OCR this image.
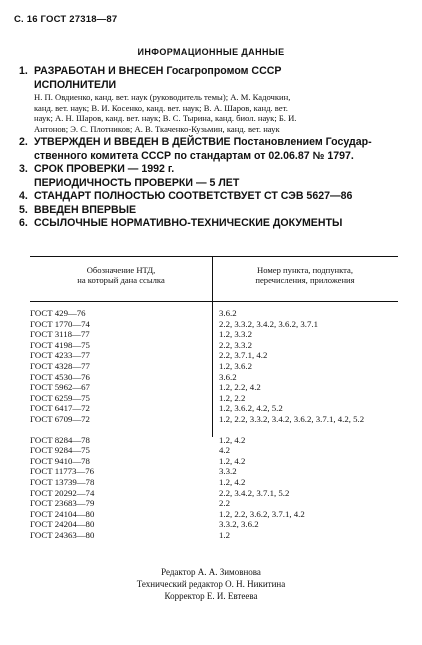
С. 16 ГОСТ 27318—87
ИНФОРМАЦИОННЫЕ ДАННЫЕ
1. РАЗРАБОТАН И ВНЕСЕН Госагропромом СССР
ИСПОЛНИТЕЛИ
Н. П. Овдиенко, канд. вет. наук (руководитель темы); А. М. Кадочкин,
канд. вет. наук; В. И. Косенко, канд. вет. наук; В. А. Шаров, канд. вет.
наук; А. Н. Шаров, канд. вет. наук; В. С. Тырина, канд. биол. наук; Б. И.
Антонов; Э. С. Плотников; А. В. Ткаченко-Кузьмин, канд. вет. наук
2. УТВЕРЖДЕН И ВВЕДЕН В ДЕЙСТВИЕ Постановлением Государ-
ственного комитета СССР по стандартам от 02.06.87 № 1797.
3. СРОК ПРОВЕРКИ — 1992 г.
ПЕРИОДИЧНОСТЬ ПРОВЕРКИ — 5 ЛЕТ
4. СТАНДАРТ ПОЛНОСТЬЮ СООТВЕТСТВУЕТ СТ СЭВ 5627—86
5. ВВЕДЕН ВПЕРВЫЕ
6. ССЫЛОЧНЫЕ НОРМАТИВНО-ТЕХНИЧЕСКИЕ ДОКУМЕНТЫ
Обозначение НТД,
на который дана ссылка
Номер пункта, подпункта,
перечисления, приложения
ГОСТ 429—76	3.6.2
ГОСТ 1770—74	2.2, 3.3.2, 3.4.2, 3.6.2, 3.7.1
ГОСТ 3118—77	1.2, 3.3.2
ГОСТ 4198—75	2.2, 3.3.2
ГОСТ 4233—77	2.2, 3.7.1, 4.2
ГОСТ 4328—77	1.2, 3.6.2
ГОСТ 4530—76	3.6.2
ГОСТ 5962—67	1.2, 2.2, 4.2
ГОСТ 6259—75	1.2, 2.2
ГОСТ 6417—72	1.2, 3.6.2, 4.2, 5.2
ГОСТ 6709—72	1.2, 2.2, 3.3.2, 3.4.2, 3.6.2, 3.7.1, 4.2, 5.2
ГОСТ 8284—78	1.2, 4.2
ГОСТ 9284—75	4.2
ГОСТ 9410—78	1.2, 4.2
ГОСТ 11773—76	3.3.2
ГОСТ 13739—78	1.2, 4.2
ГОСТ 20292—74	2.2, 3.4.2, 3.7.1, 5.2
ГОСТ 23683—79	2.2
ГОСТ 24104—80	1.2, 2.2, 3.6.2, 3.7.1, 4.2
ГОСТ 24204—80	3.3.2, 3.6.2
ГОСТ 24363—80	1.2
Редактор А. А. Зимовнова
Технический редактор О. Н. Никитина
Корректор Е. И. Евтеева
